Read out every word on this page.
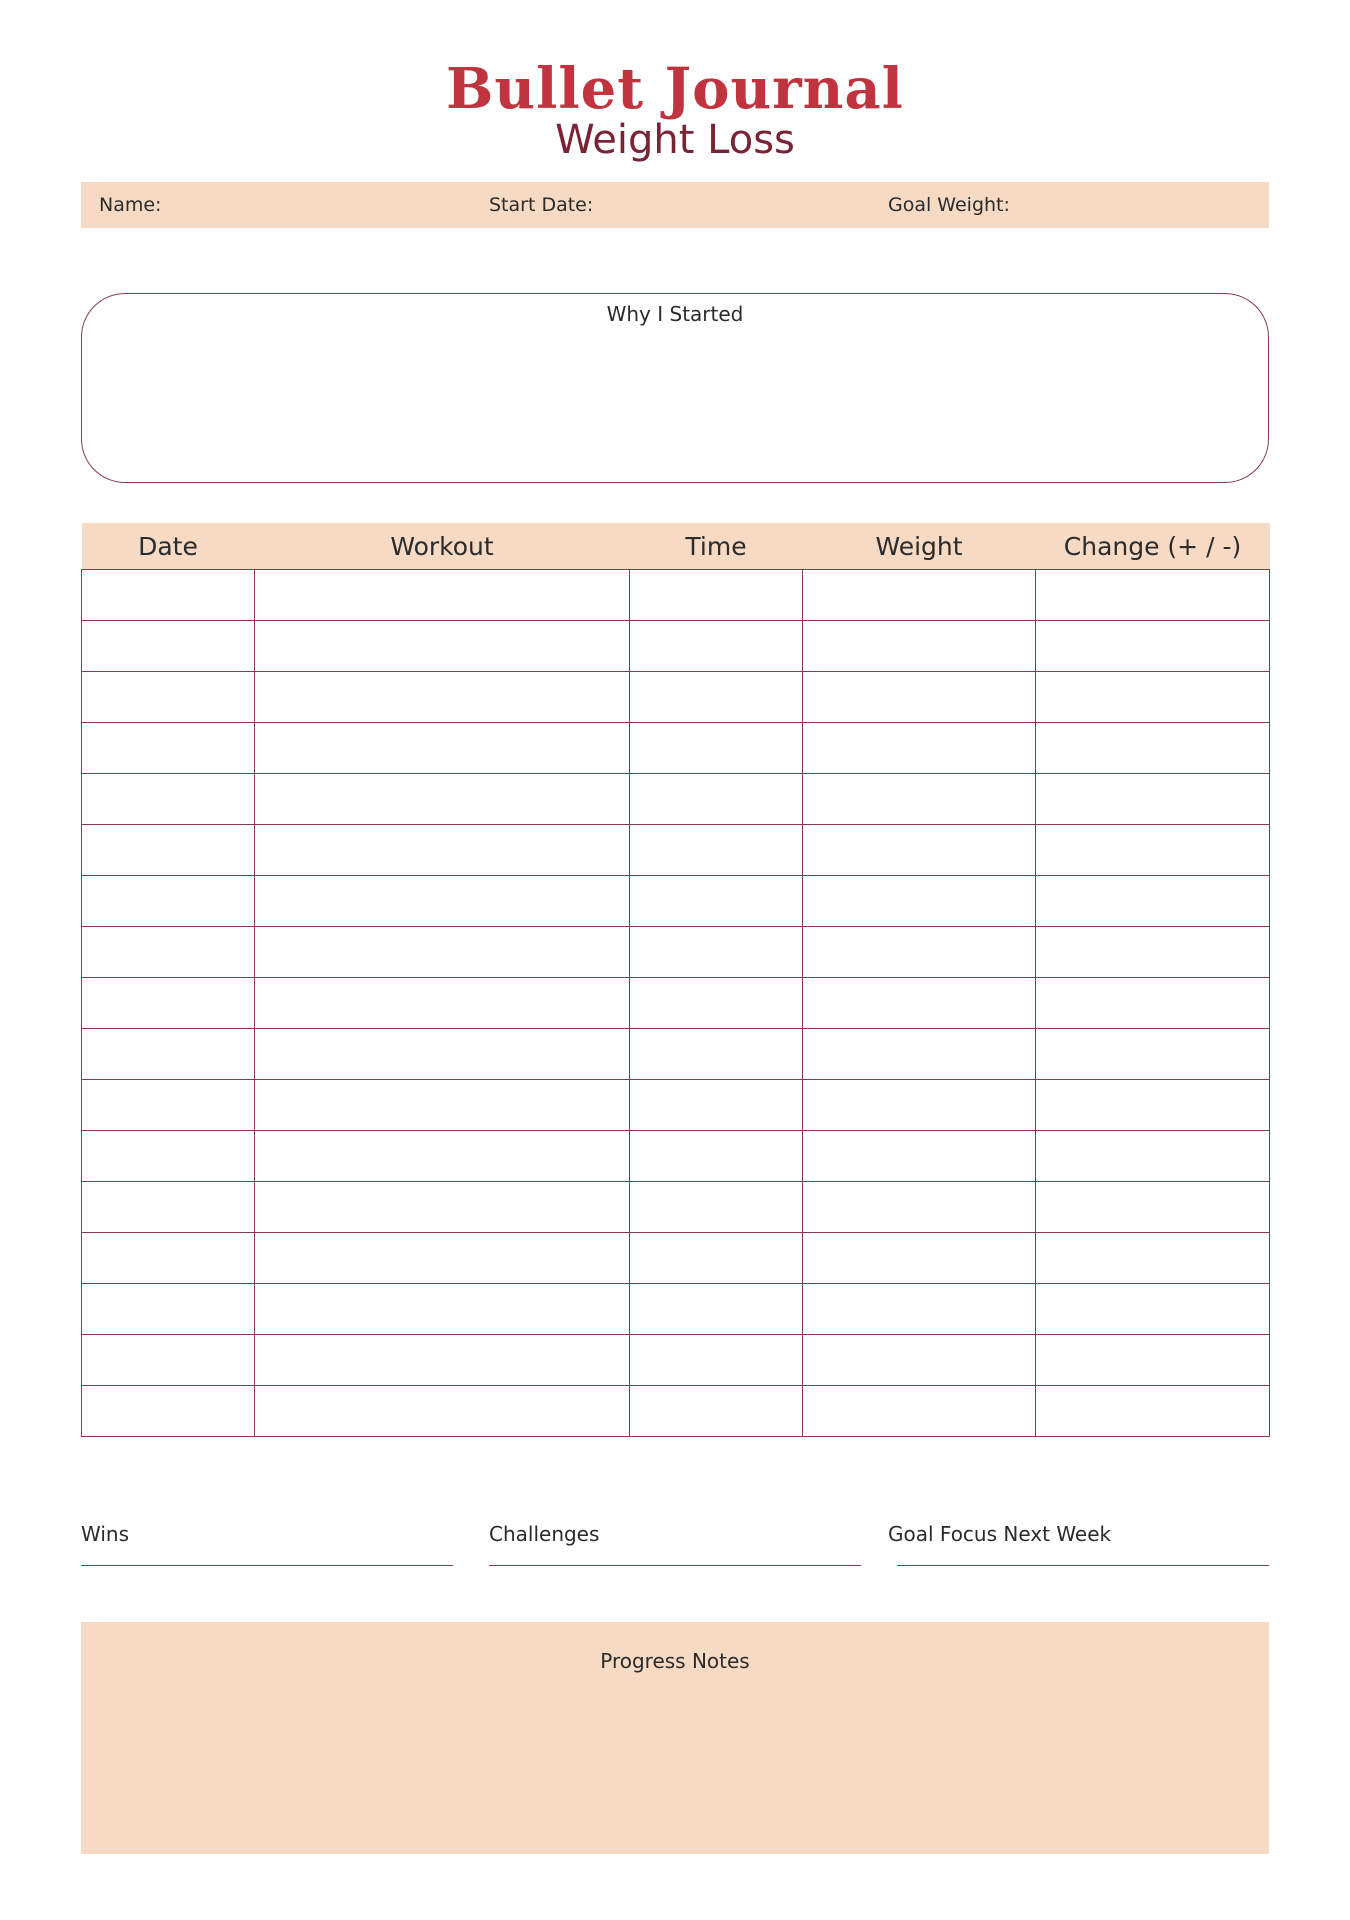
Bullet Journal
Weight Loss
Name:	Start Date:	Goal Weight:
Why I Started
Date	Workout	Time	Weight	Change (+ / -)

Wins	Challenges	Goal Focus Next Week
Progress Notes
